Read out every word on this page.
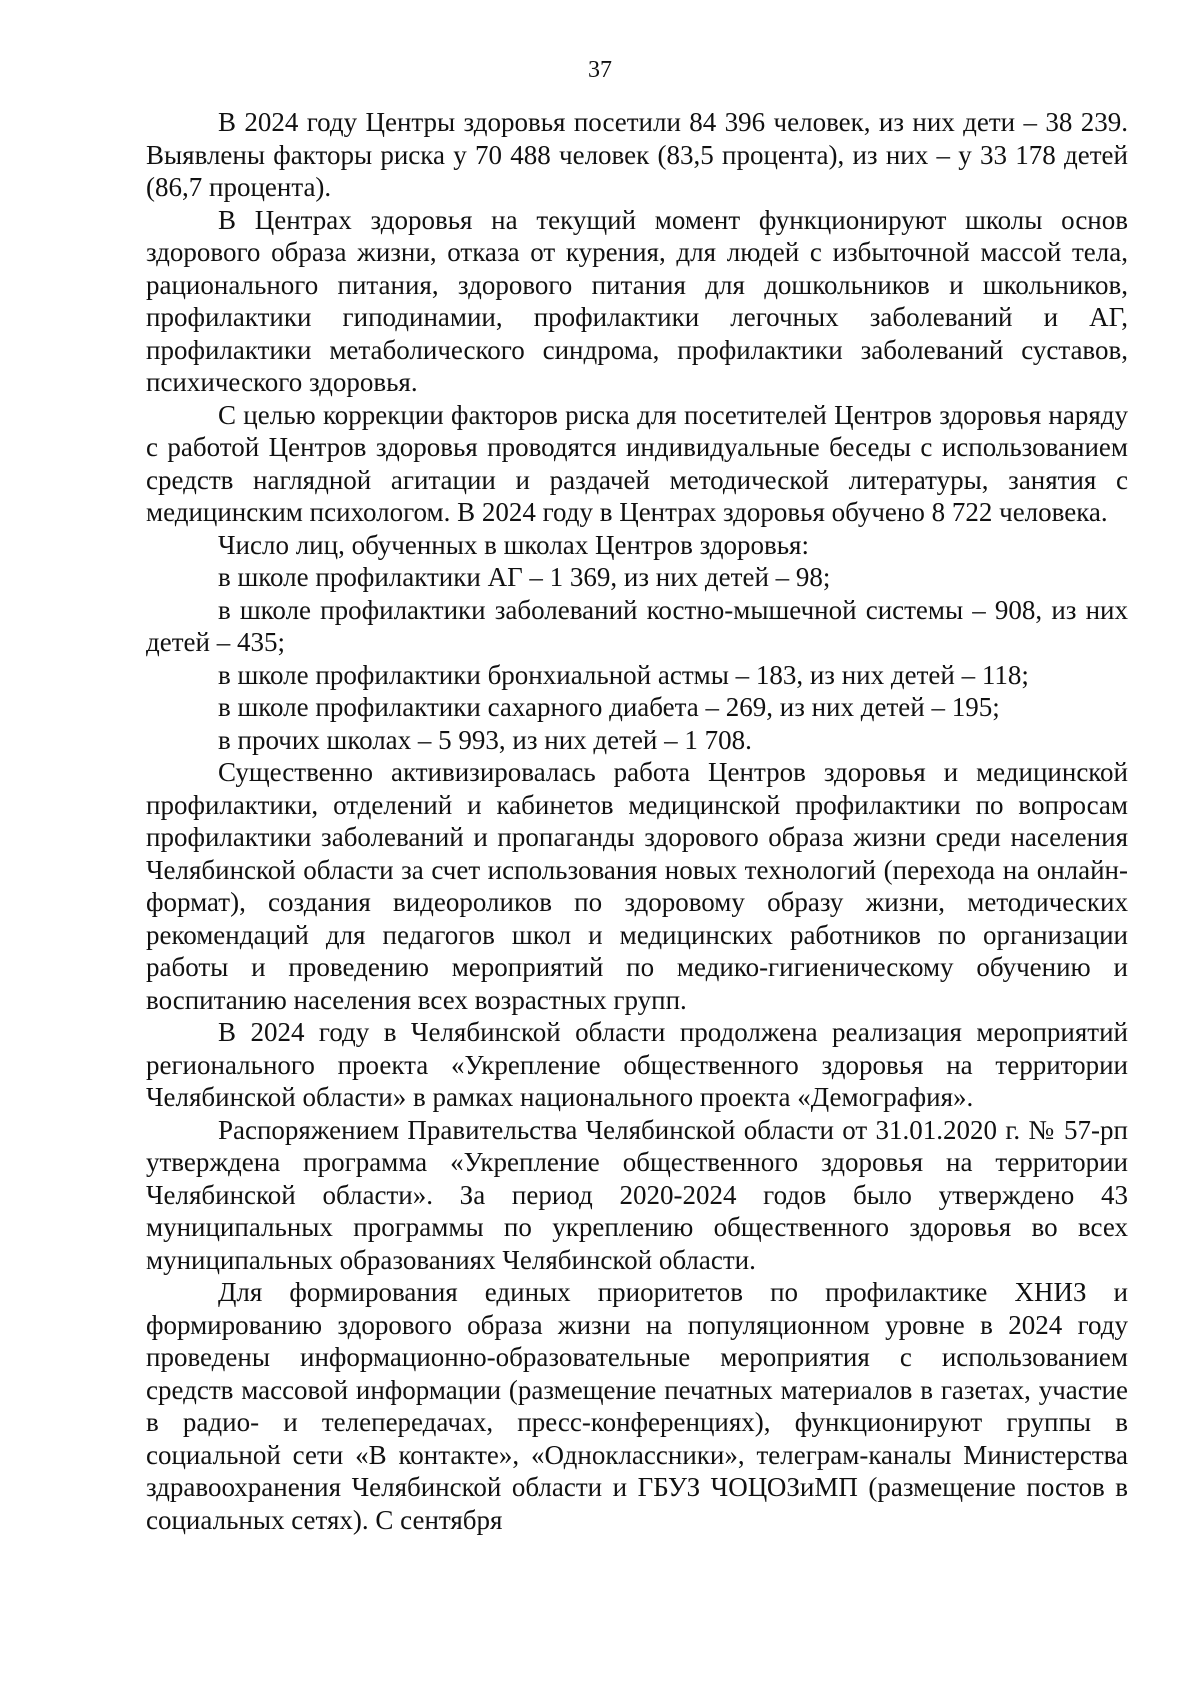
37

В 2024 году Центры здоровья посетили 84 396 человек, из них дети – 38 239. Выявлены факторы риска у 70 488 человек (83,5 процента), из них – у 33 178 детей (86,7 процента).

В Центрах здоровья на текущий момент функционируют школы основ здорового образа жизни, отказа от курения, для людей с избыточной массой тела, рационального питания, здорового питания для дошкольников и школьников, профилактики гиподинамии, профилактики легочных заболеваний и АГ, профилактики метаболического синдрома, профилактики заболеваний суставов, психического здоровья.

С целью коррекции факторов риска для посетителей Центров здоровья наряду с работой Центров здоровья проводятся индивидуальные беседы с использованием средств наглядной агитации и раздачей методической литературы, занятия с медицинским психологом. В 2024 году в Центрах здоровья обучено 8 722 человека.

Число лиц, обученных в школах Центров здоровья:

в школе профилактики АГ – 1 369, из них детей – 98;

в школе профилактики заболеваний костно-мышечной системы – 908, из них детей – 435;

в школе профилактики бронхиальной астмы – 183, из них детей – 118;

в школе профилактики сахарного диабета – 269, из них детей – 195;

в прочих школах – 5 993, из них детей – 1 708.

Существенно активизировалась работа Центров здоровья и медицинской профилактики, отделений и кабинетов медицинской профилактики по вопросам профилактики заболеваний и пропаганды здорового образа жизни среди населения Челябинской области за счет использования новых технологий (перехода на онлайн-формат), создания видеороликов по здоровому образу жизни, методических рекомендаций для педагогов школ и медицинских работников по организации работы и проведению мероприятий по медико-гигиеническому обучению и воспитанию населения всех возрастных групп.

В 2024 году в Челябинской области продолжена реализация мероприятий регионального проекта «Укрепление общественного здоровья на территории Челябинской области» в рамках национального проекта «Демография».

Распоряжением Правительства Челябинской области от 31.01.2020 г. № 57-рп утверждена программа «Укрепление общественного здоровья на территории Челябинской области». За период 2020-2024 годов было утверждено 43 муниципальных программы по укреплению общественного здоровья во всех муниципальных образованиях Челябинской области.

Для формирования единых приоритетов по профилактике ХНИЗ и формированию здорового образа жизни на популяционном уровне в 2024 году проведены информационно-образовательные мероприятия с использованием средств массовой информации (размещение печатных материалов в газетах, участие в радио- и телепередачах, пресс-конференциях), функционируют группы в социальной сети «В контакте», «Одноклассники», телеграм-каналы Министерства здравоохранения Челябинской области и ГБУЗ ЧОЦОЗиМП (размещение постов в социальных сетях). С сентября
